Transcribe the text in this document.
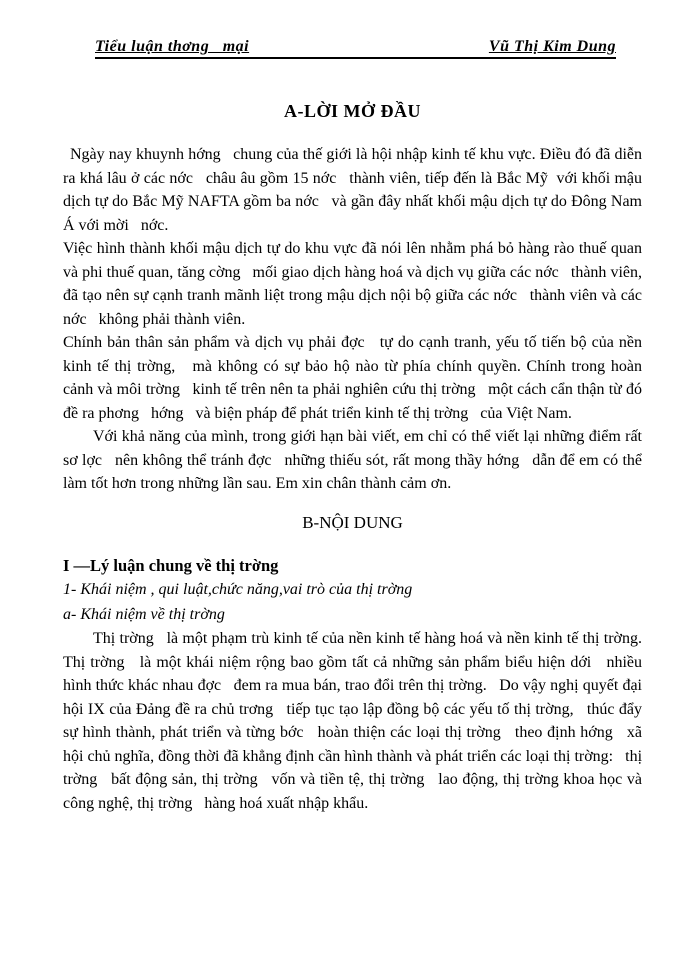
Tiểu luận thơng   mại	Vũ Thị Kim Dung
A-LỜI MỞ ĐẦU

Ngày nay khuynh hớng   chung của thế giới là hội nhập kinh tế khu vực. Điều đó đã diễn ra khá lâu ở các nớc   châu âu gồm 15 nớc   thành viên, tiếp đến là Bắc Mỹ  với khối mậu dịch tự do Bắc Mỹ NAFTA gồm ba nớc   và gần đây nhất khối mậu dịch tự do Đông Nam Á với mời   nớc.

Việc hình thành khối mậu dịch tự do khu vực đã nói lên nhằm phá bỏ hàng rào thuế quan và phi thuế quan, tăng cờng   mối giao dịch hàng hoá và dịch vụ giữa các nớc   thành viên, đã tạo nên sự cạnh tranh mãnh liệt trong mậu dịch nội bộ giữa các nớc   thành viên và các nớc   không phải thành viên.

Chính bản thân sản phẩm và dịch vụ phải đợc   tự do cạnh tranh, yếu tố tiến bộ của nền kinh tế thị trờng,   mà không có sự bảo hộ nào từ phía chính quyền. Chính trong hoàn cảnh và môi trờng   kinh tế trên nên ta phải nghiên cứu thị trờng   một cách cẩn thận từ đó đề ra phơng   hớng   và biện pháp để phát triển kinh tế thị trờng   của Việt Nam.

Với khả năng của mình, trong giới hạn bài viết, em chỉ có thể viết lại những điểm rất sơ lợc   nên không thể tránh đợc   những thiếu sót, rất mong thầy hớng   dẫn để em có thể làm tốt hơn trong những lần sau. Em xin chân thành cảm ơn.

B-NỘI DUNG

I —Lý luận chung về thị trờng

1- Khái niệm , qui luật,chức năng,vai trò của thị trờng

a- Khái niệm về thị trờng

Thị trờng   là một phạm trù kinh tế của nền kinh tế hàng hoá và nền kinh tế thị trờng.   Thị trờng   là một khái niệm rộng bao gồm tất cả những sản phẩm biểu hiện dới   nhiều hình thức khác nhau đợc   đem ra mua bán, trao đổi trên thị trờng.   Do vậy nghị quyết đại hội IX của Đảng đề ra chủ trơng   tiếp tục tạo lập đồng bộ các yếu tố thị trờng,   thúc đẩy sự hình thành, phát triển và từng bớc   hoàn thiện các loại thị trờng   theo định hớng   xã hội chủ nghĩa, đồng thời đã khẳng định cần hình thành và phát triển các loại thị trờng:   thị trờng   bất động sản, thị trờng   vốn và tiền tệ, thị trờng   lao động, thị trờng khoa học và công nghệ, thị trờng   hàng hoá xuất nhập khẩu.
